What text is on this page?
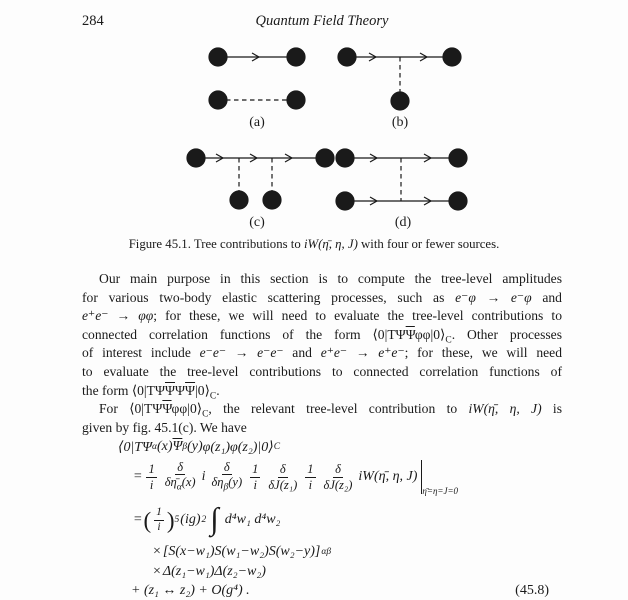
284	Quantum Field Theory
(a)	(b)
(c)	(d)
Figure 45.1. Tree contributions to iW(η̄, η, J) with four or fewer sources.
Our main purpose in this section is to compute the tree-level amplitudes
for various two-body elastic scattering processes, such as e⁻φ → e⁻φ and
e⁺e⁻ → φφ; for these, we will need to evaluate the tree-level contributions to
connected correlation functions of the form $⟨0|T\Psi\overline{\Psi}\varphi\varphi|0⟩_C$. Other processes
of interest include e⁻e⁻ → e⁻e⁻ and e⁺e⁻ → e⁺e⁻; for these, we will need
to evaluate the tree-level contributions to connected correlation functions of
the form $⟨0|T\Psi\overline{\Psi}\Psi\overline{\Psi}|0⟩_C$.
For $⟨0|T\Psi\overline{\Psi}\varphi\varphi|0⟩_C$, the relevant tree-level contribution to iW(η̄, η, J) is
given by fig. 45.1(c). We have
⟨0|TΨ α (x) $\overline{\Psi}$ β (y) φ(z₁)φ(z₂)|0⟩ C
= $\frac{1}{i} \frac{\delta}{\delta\etā_\alpha(x)}$ i $\frac{\delta}{\delta\eta_\beta(y)} \frac{1}{i} \frac{\delta}{\text{δJ(z₁)}} \frac{1}{i} \frac{\delta}{\text{δJ(z₂)}}$ iW(η̄, η, J)
η̄=η=J=0
= ( $\frac{1}{i}$ ) 5 (ig) 2 ∫ d⁴w₁ d⁴w₂
× [S(x−w₁)S(w₁−w₂)S(w₂−y)] αβ
× Δ(z₁−w₁)Δ(z₂−w₂)
+ (z₁ ↔ z₂) + O(g⁴) .	(45.8)
